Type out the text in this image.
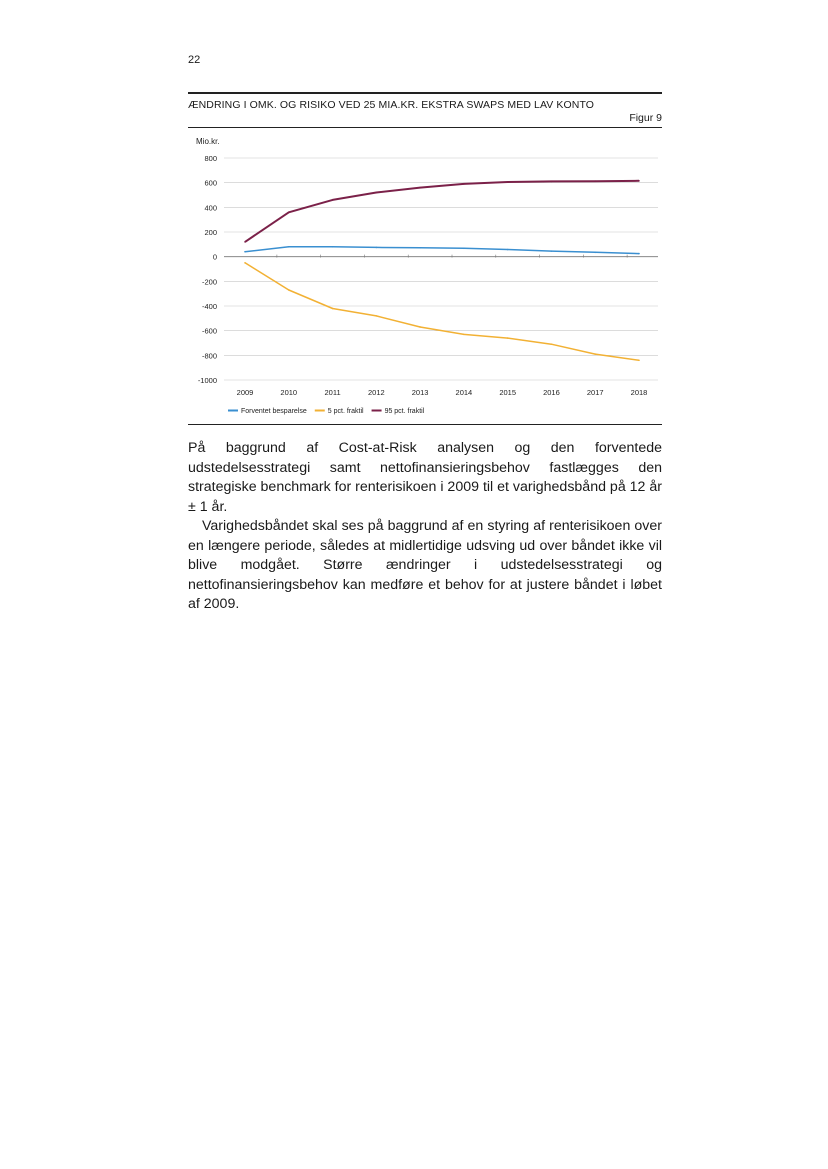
22
ÆNDRING I OMK. OG RISIKO VED 25 MIA.KR. EKSTRA SWAPS MED LAV KONTO
Figur 9
Mio.kr.
800
600
400
200
0
-200
-400
-600
-800
-1000
2009	2010	2011	2012	2013	2014	2015	2016	2017	2018
Forventet besparelse	5 pct. fraktil	95 pct. fraktil

På baggrund af Cost-at-Risk analysen og den forventede udstedelsesstrategi samt nettofinansieringsbehov fastlægges den strategiske benchmark for renterisikoen i 2009 til et varighedsbånd på 12 år ± 1 år.

Varighedsbåndet skal ses på baggrund af en styring af renterisikoen over en længere periode, således at midlertidige udsving ud over båndet ikke vil blive modgået. Større ændringer i udstedelsesstrategi og nettofinansieringsbehov kan medføre et behov for at justere båndet i løbet af 2009.
